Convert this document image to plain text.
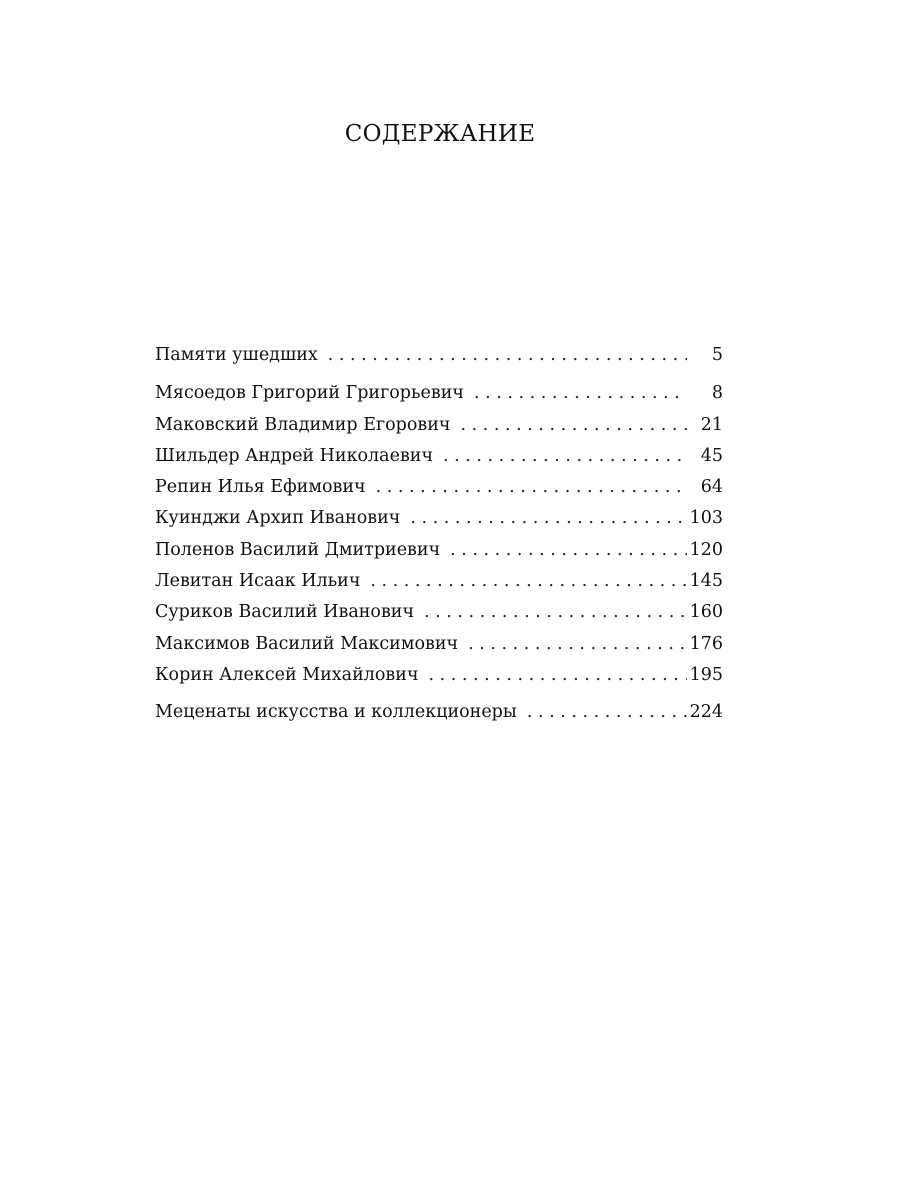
СОДЕРЖАНИЕ
Памяти ушедших . . .	5
Мясоедов Григорий Григорьевич . . .	8
Маковский Владимир Егорович . . .	21
Шильдер Андрей Николаевич . . .	45
Репин Илья Ефимович . . .	64
Куинджи Архип Иванович . . .	103
Поленов Василий Дмитриевич . . .	120
Левитан Исаак Ильич . . .	145
Суриков Василий Иванович . . .	160
Максимов Василий Максимович . . .	176
Корин Алексей Михайлович . . .	195
Меценаты искусства и коллекционеры . . .	224
